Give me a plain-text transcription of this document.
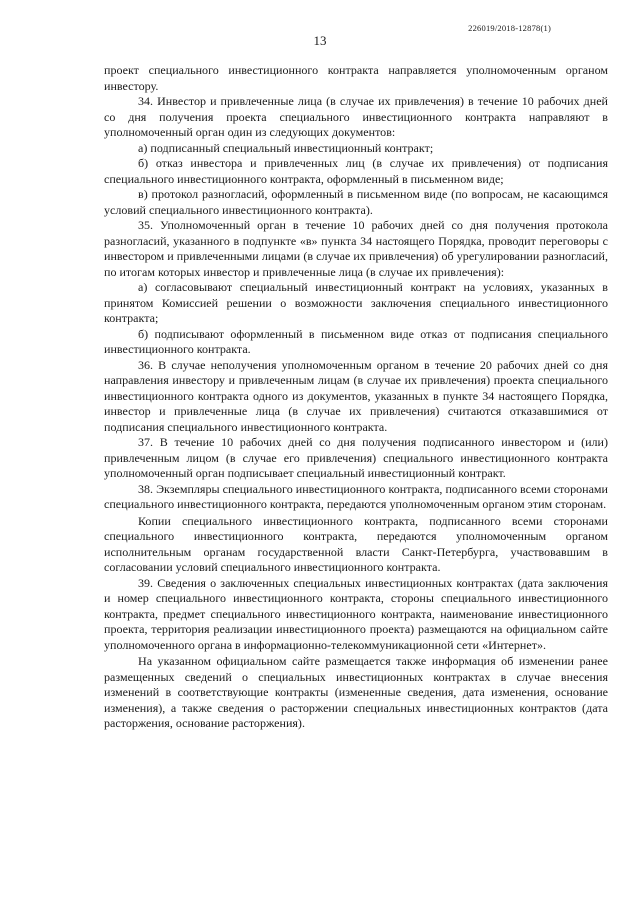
226019/2018-12878(1)
13

проект специального инвестиционного контракта направляется уполномоченным органом инвестору.

34. Инвестор и привлеченные лица (в случае их привлечения) в течение 10 рабочих дней со дня получения проекта специального инвестиционного контракта направляют в уполномоченный орган один из следующих документов:

а) подписанный специальный инвестиционный контракт;

б) отказ инвестора и привлеченных лиц (в случае их привлечения) от подписания специального инвестиционного контракта, оформленный в письменном виде;

в) протокол разногласий, оформленный в письменном виде (по вопросам, не касающимся условий специального инвестиционного контракта).

35. Уполномоченный орган в течение 10 рабочих дней со дня получения протокола разногласий, указанного в подпункте «в» пункта 34 настоящего Порядка, проводит переговоры с инвестором и привлеченными лицами (в случае их привлечения) об урегулировании разногласий, по итогам которых инвестор и привлеченные лица (в случае их привлечения):

а) согласовывают специальный инвестиционный контракт на условиях, указанных в принятом Комиссией решении о возможности заключения специального инвестиционного контракта;

б) подписывают оформленный в письменном виде отказ от подписания специального инвестиционного контракта.

36. В случае неполучения уполномоченным органом в течение 20 рабочих дней со дня направления инвестору и привлеченным лицам (в случае их привлечения) проекта специального инвестиционного контракта одного из документов, указанных в пункте 34 настоящего Порядка, инвестор и привлеченные лица (в случае их привлечения) считаются отказавшимися от подписания специального инвестиционного контракта.

37. В течение 10 рабочих дней со дня получения подписанного инвестором и (или) привлеченным лицом (в случае его привлечения) специального инвестиционного контракта уполномоченный орган подписывает специальный инвестиционный контракт.

38. Экземпляры специального инвестиционного контракта, подписанного всеми сторонами специального инвестиционного контракта, передаются уполномоченным органом этим сторонам.

Копии специального инвестиционного контракта, подписанного всеми сторонами специального инвестиционного контракта, передаются уполномоченным органом исполнительным органам государственной власти Санкт-Петербурга, участвовавшим в согласовании условий специального инвестиционного контракта.

39. Сведения о заключенных специальных инвестиционных контрактах (дата заключения и номер специального инвестиционного контракта, стороны специального инвестиционного контракта, предмет специального инвестиционного контракта, наименование инвестиционного проекта, территория реализации инвестиционного проекта) размещаются на официальном сайте уполномоченного органа в информационно-телекоммуникационной сети «Интернет».

На указанном официальном сайте размещается также информация об изменении ранее размещенных сведений о специальных инвестиционных контрактах в случае внесения изменений в соответствующие контракты (измененные сведения, дата изменения, основание изменения), а также сведения о расторжении специальных инвестиционных контрактов (дата расторжения, основание расторжения).
